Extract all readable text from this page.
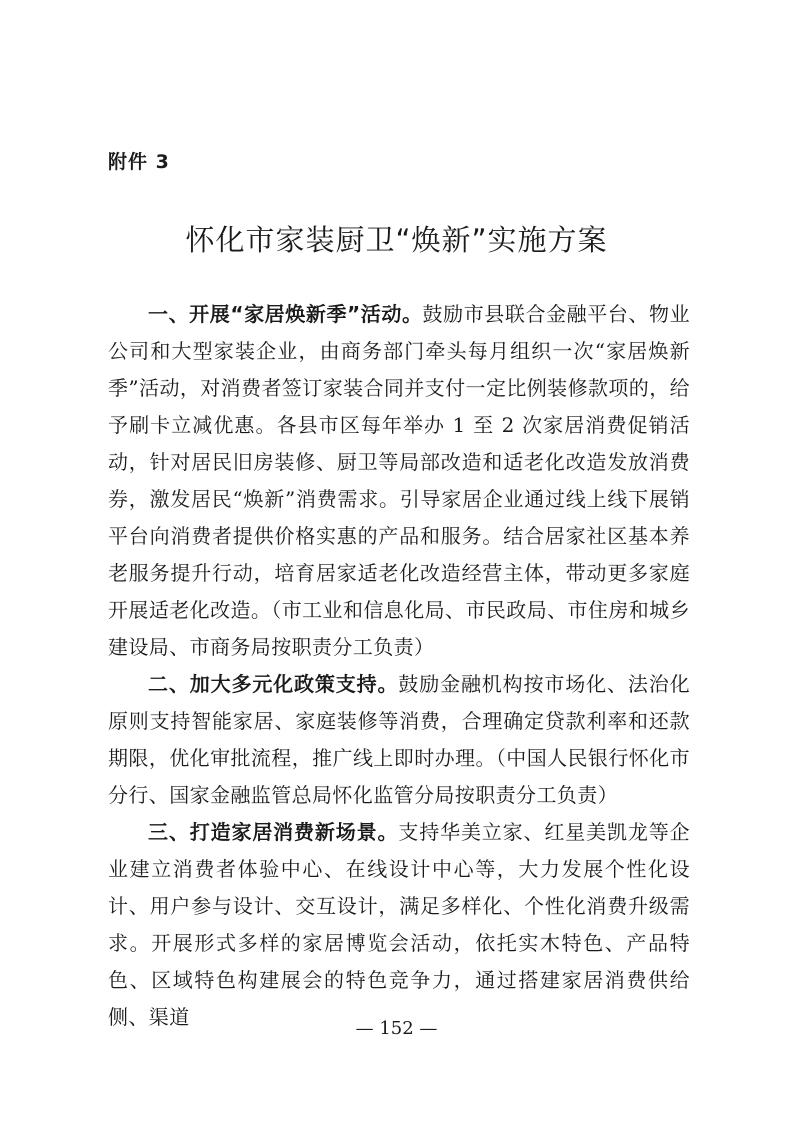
附件 3
怀化市家装厨卫“焕新”实施方案

一、开展“家居焕新季”活动。鼓励市县联合金融平台、物业公司和大型家装企业，由商务部门牵头每月组织一次“家居焕新季”活动，对消费者签订家装合同并支付一定比例装修款项的，给予刷卡立减优惠。各县市区每年举办 1 至 2 次家居消费促销活动，针对居民旧房装修、厨卫等局部改造和适老化改造发放消费券，激发居民“焕新”消费需求。引导家居企业通过线上线下展销平台向消费者提供价格实惠的产品和服务。结合居家社区基本养老服务提升行动，培育居家适老化改造经营主体，带动更多家庭开展适老化改造。（市工业和信息化局、市民政局、市住房和城乡建设局、市商务局按职责分工负责）

二、加大多元化政策支持。鼓励金融机构按市场化、法治化原则支持智能家居、家庭装修等消费，合理确定贷款利率和还款期限，优化审批流程，推广线上即时办理。（中国人民银行怀化市分行、国家金融监管总局怀化监管分局按职责分工负责）

三、打造家居消费新场景。支持华美立家、红星美凯龙等企业建立消费者体验中心、在线设计中心等，大力发展个性化设计、用户参与设计、交互设计，满足多样化、个性化消费升级需求。开展形式多样的家居博览会活动，依托实木特色、产品特色、区域特色构建展会的特色竞争力，通过搭建家居消费供给侧、渠道	— 152 —
